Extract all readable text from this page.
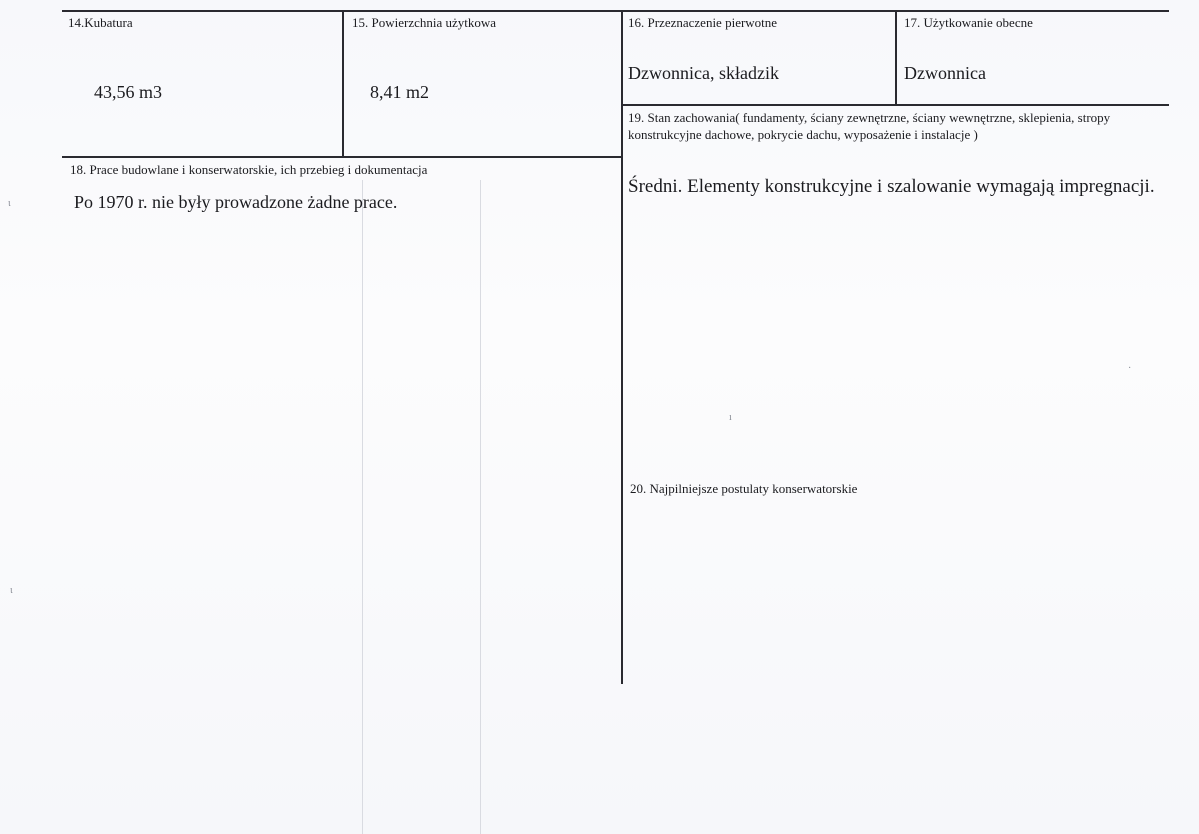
14.Kubatura
43,56 m3
15. Powierzchnia użytkowa
8,41 m2
16. Przeznaczenie pierwotne
Dzwonnica, składzik
17. Użytkowanie obecne
Dzwonnica
18. Prace budowlane i konserwatorskie, ich przebieg i dokumentacja
Po 1970 r. nie były prowadzone żadne prace.
19. Stan zachowania( fundamenty, ściany zewnętrzne, ściany wewnętrzne, sklepienia, stropy konstrukcyjne dachowe, pokrycie dachu, wyposażenie i instalacje )
Średni. Elementy konstrukcyjne i szalowanie wymagają impregnacji.
20. Najpilniejsze postulaty konserwatorskie
ι
ι
·
ı
